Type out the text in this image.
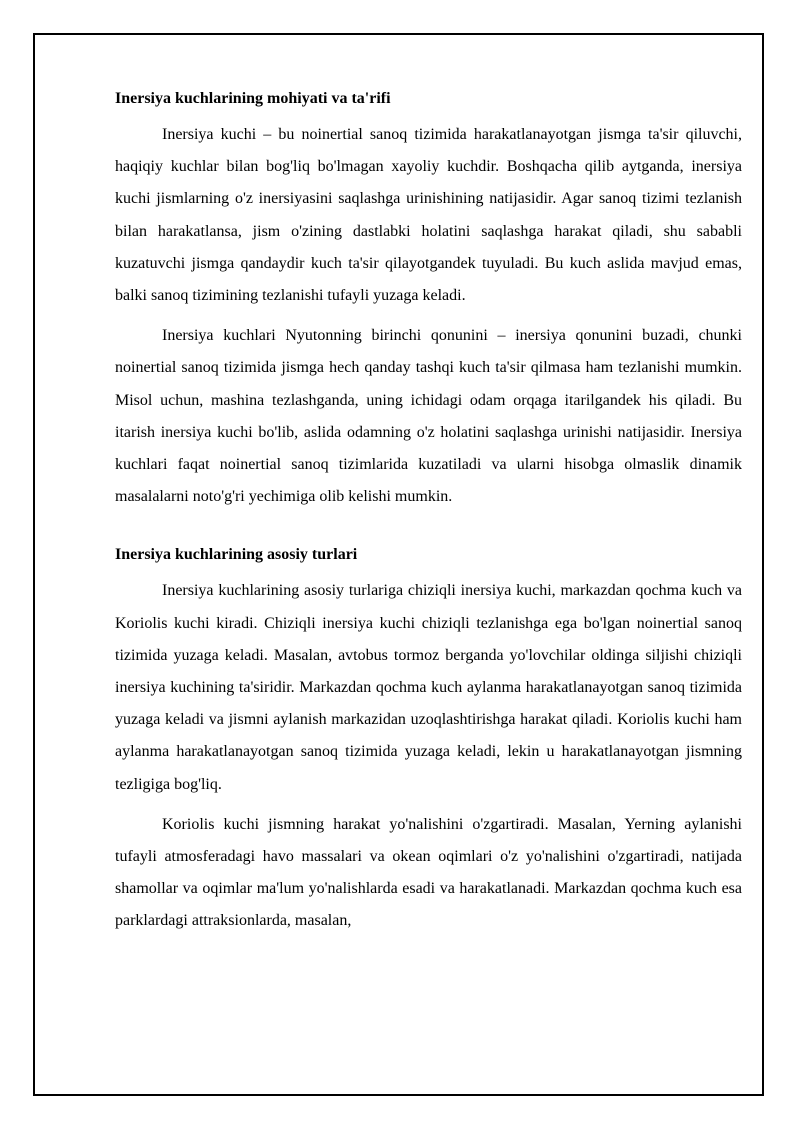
Inersiya kuchlarining mohiyati va ta'rifi

Inersiya kuchi – bu noinertial sanoq tizimida harakatlanayotgan jismga ta'sir qiluvchi, haqiqiy kuchlar bilan bog'liq bo'lmagan xayoliy kuchdir. Boshqacha qilib aytganda, inersiya kuchi jismlarning o'z inersiyasini saqlashga urinishining natijasidir. Agar sanoq tizimi tezlanish bilan harakatlansa, jism o'zining dastlabki holatini saqlashga harakat qiladi, shu sababli kuzatuvchi jismga qandaydir kuch ta'sir qilayotgandek tuyuladi. Bu kuch aslida mavjud emas, balki sanoq tizimining tezlanishi tufayli yuzaga keladi.

Inersiya kuchlari Nyutonning birinchi qonunini – inersiya qonunini buzadi, chunki noinertial sanoq tizimida jismga hech qanday tashqi kuch ta'sir qilmasa ham tezlanishi mumkin. Misol uchun, mashina tezlashganda, uning ichidagi odam orqaga itarilgandek his qiladi. Bu itarish inersiya kuchi bo'lib, aslida odamning o'z holatini saqlashga urinishi natijasidir. Inersiya kuchlari faqat noinertial sanoq tizimlarida kuzatiladi va ularni hisobga olmaslik dinamik masalalarni noto'g'ri yechimiga olib kelishi mumkin.

Inersiya kuchlarining asosiy turlari

Inersiya kuchlarining asosiy turlariga chiziqli inersiya kuchi, markazdan qochma kuch va Koriolis kuchi kiradi. Chiziqli inersiya kuchi chiziqli tezlanishga ega bo'lgan noinertial sanoq tizimida yuzaga keladi. Masalan, avtobus tormoz berganda yo'lovchilar oldinga siljishi chiziqli inersiya kuchining ta'siridir. Markazdan qochma kuch aylanma harakatlanayotgan sanoq tizimida yuzaga keladi va jismni aylanish markazidan uzoqlashtirishga harakat qiladi. Koriolis kuchi ham aylanma harakatlanayotgan sanoq tizimida yuzaga keladi, lekin u harakatlanayotgan jismning tezligiga bog'liq.

Koriolis kuchi jismning harakat yo'nalishini o'zgartiradi. Masalan, Yerning aylanishi tufayli atmosferadagi havo massalari va okean oqimlari o'z yo'nalishini o'zgartiradi, natijada shamollar va oqimlar ma'lum yo'nalishlarda esadi va harakatlanadi. Markazdan qochma kuch esa parklardagi attraksionlarda, masalan,
